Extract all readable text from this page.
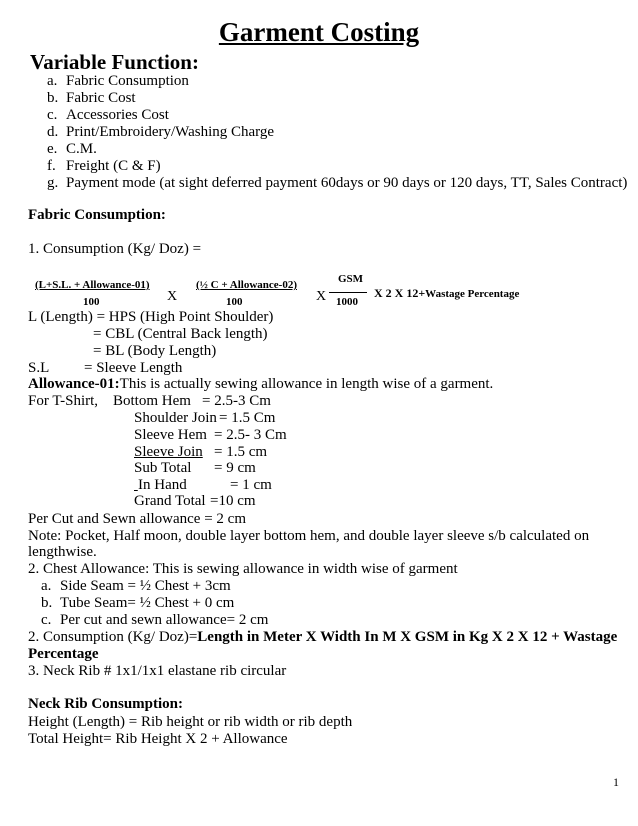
Garment Costing
Variable Function:
a. Fabric Consumption
b. Fabric Cost
c. Accessories Cost
d. Print/Embroidery/Washing Charge
e. C.M.
f. Freight (C & F)
g. Payment mode (at sight deferred payment 60days or 90 days or 120 days, TT, Sales Contract)
Fabric Consumption:
1. Consumption (Kg/ Doz) =
(L+S.L. + Allowance-01)
100	X
(½ C + Allowance-02)
100	X
GSM
1000
X 2 X 12+Wastage Percentage
L (Length) = HPS (High Point Shoulder)
= CBL (Central Back length)
= BL (Body Length)
S.L = Sleeve Length
Allowance-01:This is actually sewing allowance in length wise of a garment.
For T-Shirt, Bottom Hem = 2.5-3 Cm
Shoulder Join = 1.5 Cm
Sleeve Hem = 2.5- 3 Cm
Sleeve Join = 1.5 cm
Sub Total = 9 cm
In Hand	= 1 cm

Grand Total =10 cm
Per Cut and Sewn allowance = 2 cm
Note: Pocket, Half moon, double layer bottom hem, and double layer sleeve s/b calculated on
lengthwise.
2. Chest Allowance: This is sewing allowance in width wise of garment
a. Side Seam = ½ Chest + 3cm
b. Tube Seam= ½ Chest + 0 cm
c. Per cut and sewn allowance= 2 cm
2. Consumption (Kg/ Doz)=Length in Meter X Width In M X GSM in Kg X 2 X 12 + Wastage
Percentage
3. Neck Rib # 1x1/1x1 elastane rib circular
Neck Rib Consumption:
Height (Length) = Rib height or rib width or rib depth
Total Height= Rib Height X 2 + Allowance
1
